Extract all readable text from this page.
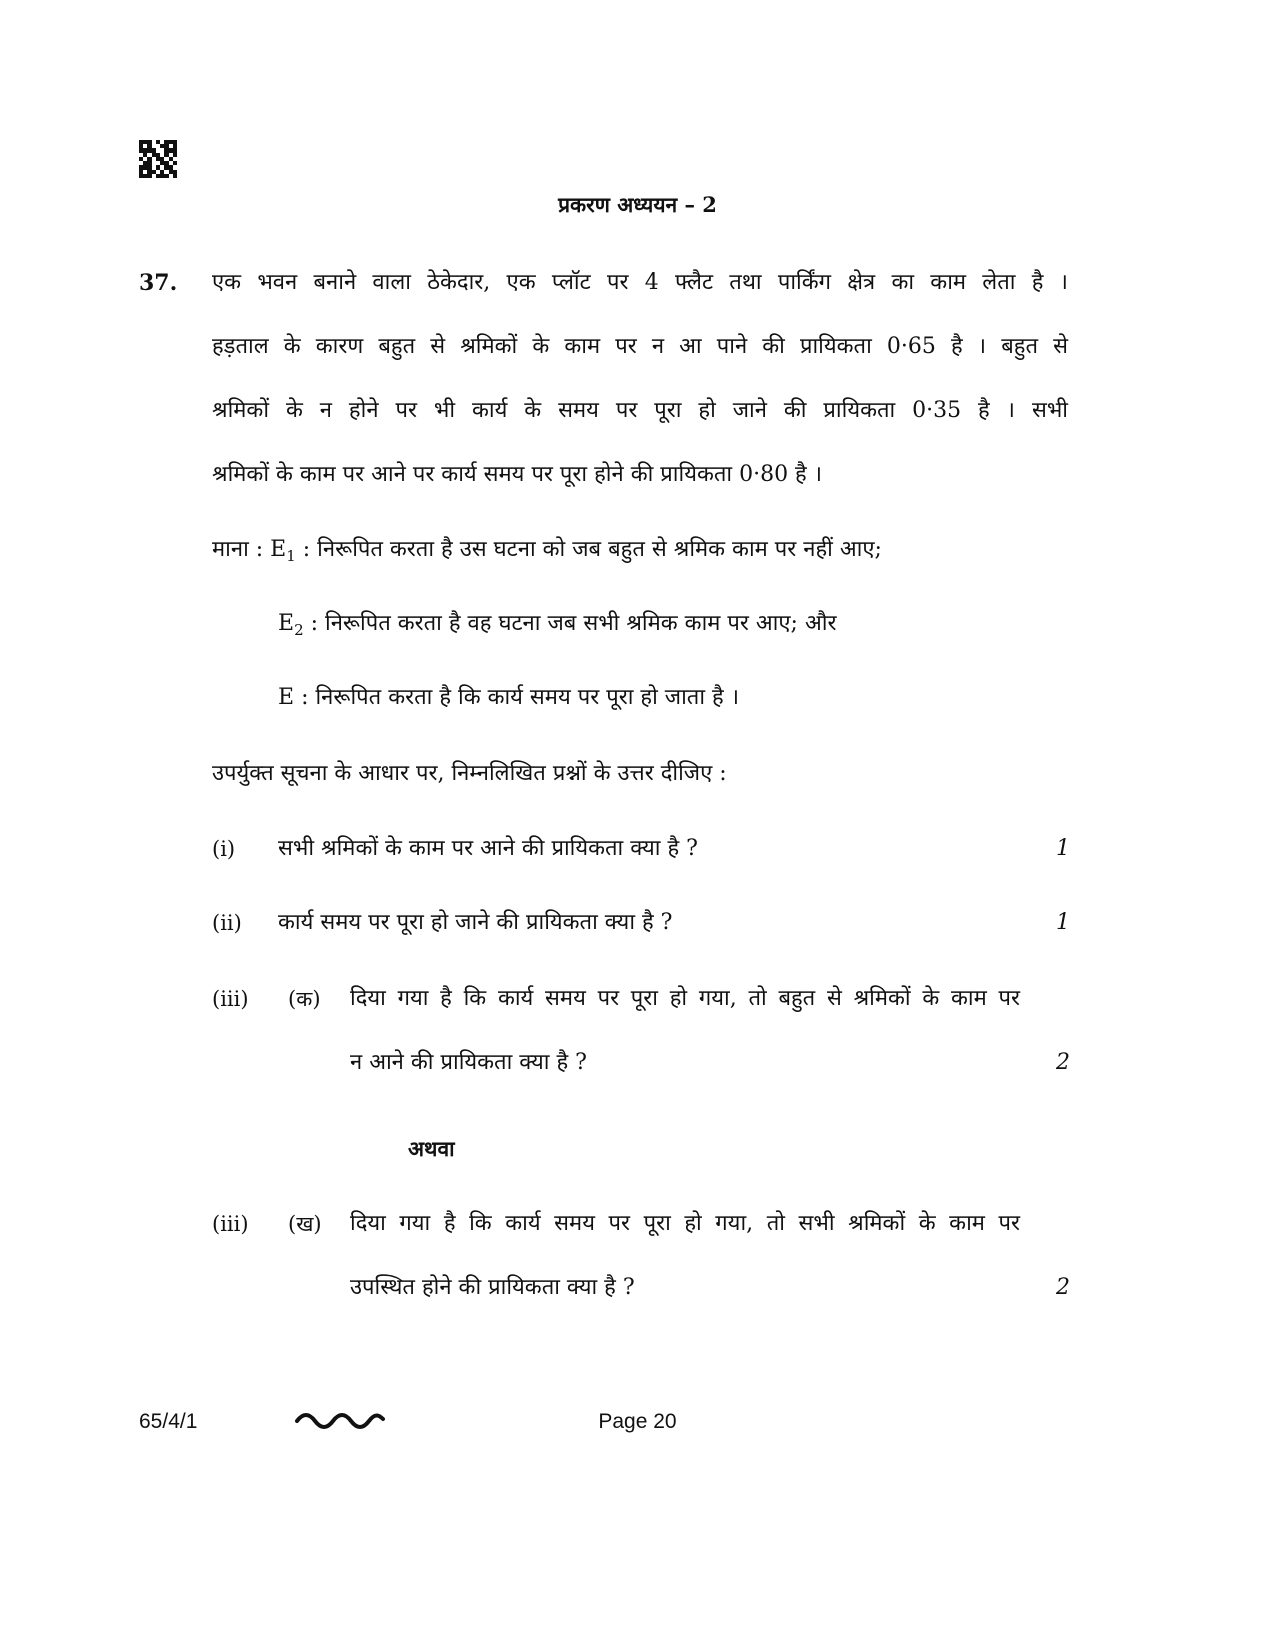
प्रकरण अध्ययन – 2
37. एक भवन बनाने वाला ठेकेदार, एक प्लॉट पर 4 फ्लैट तथा पार्किंग क्षेत्र का काम लेता है ।
हड़ताल के कारण बहुत से श्रमिकों के काम पर न आ पाने की प्रायिकता 0·65 है । बहुत से
श्रमिकों के न होने पर भी कार्य के समय पर पूरा हो जाने की प्रायिकता 0·35 है । सभी
श्रमिकों के काम पर आने पर कार्य समय पर पूरा होने की प्रायिकता 0·80 है ।
माना : $E_1$ : निरूपित करता है उस घटना को जब बहुत से श्रमिक काम पर नहीं आए;
$E_2$ : निरूपित करता है वह घटना जब सभी श्रमिक काम पर आए; और
E : निरूपित करता है कि कार्य समय पर पूरा हो जाता है ।
उपर्युक्त सूचना के आधार पर, निम्नलिखित प्रश्नों के उत्तर दीजिए :
(i) सभी श्रमिकों के काम पर आने की प्रायिकता क्या है ?	1
(ii) कार्य समय पर पूरा हो जाने की प्रायिकता क्या है ?	1
(iii) (क) दिया गया है कि कार्य समय पर पूरा हो गया, तो बहुत से श्रमिकों के काम पर
न आने की प्रायिकता क्या है ?	2
अथवा
(iii) (ख) दिया गया है कि कार्य समय पर पूरा हो गया, तो सभी श्रमिकों के काम पर
उपस्थित होने की प्रायिकता क्या है ?	2
65/4/1	Page 20
